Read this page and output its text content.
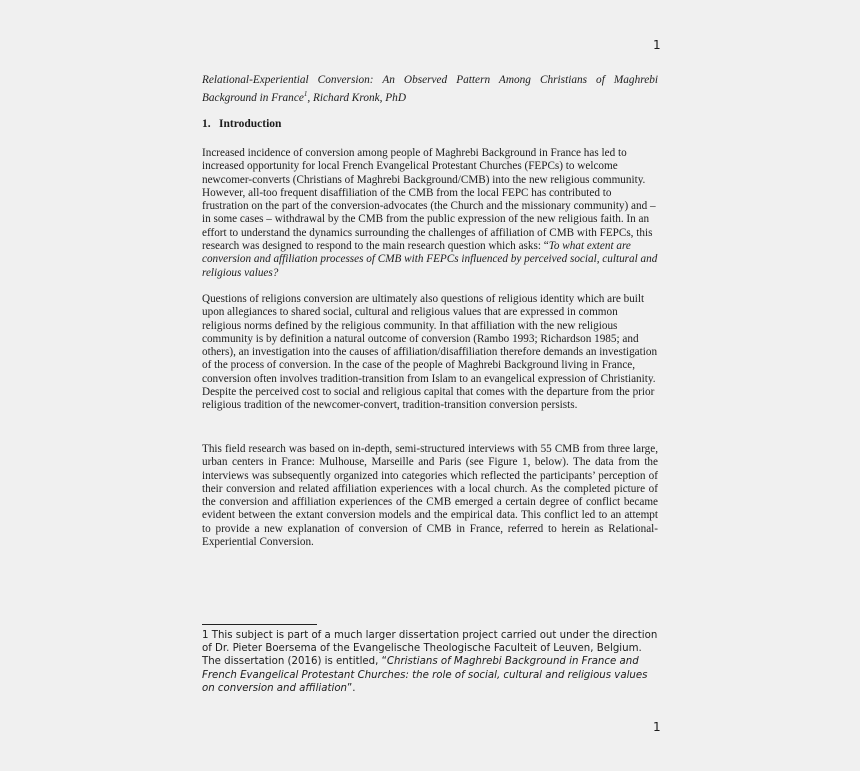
1
Relational-Experiential Conversion: An Observed Pattern Among Christians of Maghrebi Background in France$^1$, Richard Kronk, PhD
1. Introduction

Increased incidence of conversion among people of Maghrebi Background in France has led to increased opportunity for local French Evangelical Protestant Churches (FEPCs) to welcome newcomer-converts (Christians of Maghrebi Background/CMB) into the new religious community. However, all-too frequent disaffiliation of the CMB from the local FEPC has contributed to frustration on the part of the conversion-advocates (the Church and the missionary community) and – in some cases – withdrawal by the CMB from the public expression of the new religious faith. In an effort to understand the dynamics surrounding the challenges of affiliation of CMB with FEPCs, this research was designed to respond to the main research question which asks: “To what extent are conversion and affiliation processes of CMB with FEPCs influenced by perceived social, cultural and religious values?

Questions of religions conversion are ultimately also questions of religious identity which are built upon allegiances to shared social, cultural and religious values that are expressed in common religious norms defined by the religious community. In that affiliation with the new religious community is by definition a natural outcome of conversion (Rambo 1993; Richardson 1985; and others), an investigation into the causes of affiliation/disaffiliation therefore demands an investigation of the process of conversion. In the case of the people of Maghrebi Background living in France, conversion often involves tradition-transition from Islam to an evangelical expression of Christianity. Despite the perceived cost to social and religious capital that comes with the departure from the prior religious tradition of the newcomer-convert, tradition-transition conversion persists.

This field research was based on in-depth, semi-structured interviews with 55 CMB from three large, urban centers in France: Mulhouse, Marseille and Paris (see Figure 1, below). The data from the interviews was subsequently organized into categories which reflected the participants’ perception of their conversion and related affiliation experiences with a local church. As the completed picture of the conversion and affiliation experiences of the CMB emerged a certain degree of conflict became evident between the extant conversion models and the empirical data. This conflict led to an attempt to provide a new explanation of conversion of CMB in France, referred to herein as Relational-Experiential Conversion.

1 This subject is part of a much larger dissertation project carried out under the direction of Dr. Pieter Boersema of the Evangelische Theologische Faculteit of Leuven, Belgium. The dissertation (2016) is entitled, “Christians of Maghrebi Background in France and French Evangelical Protestant Churches: the role of social, cultural and religious values on conversion and affiliation”.
1
